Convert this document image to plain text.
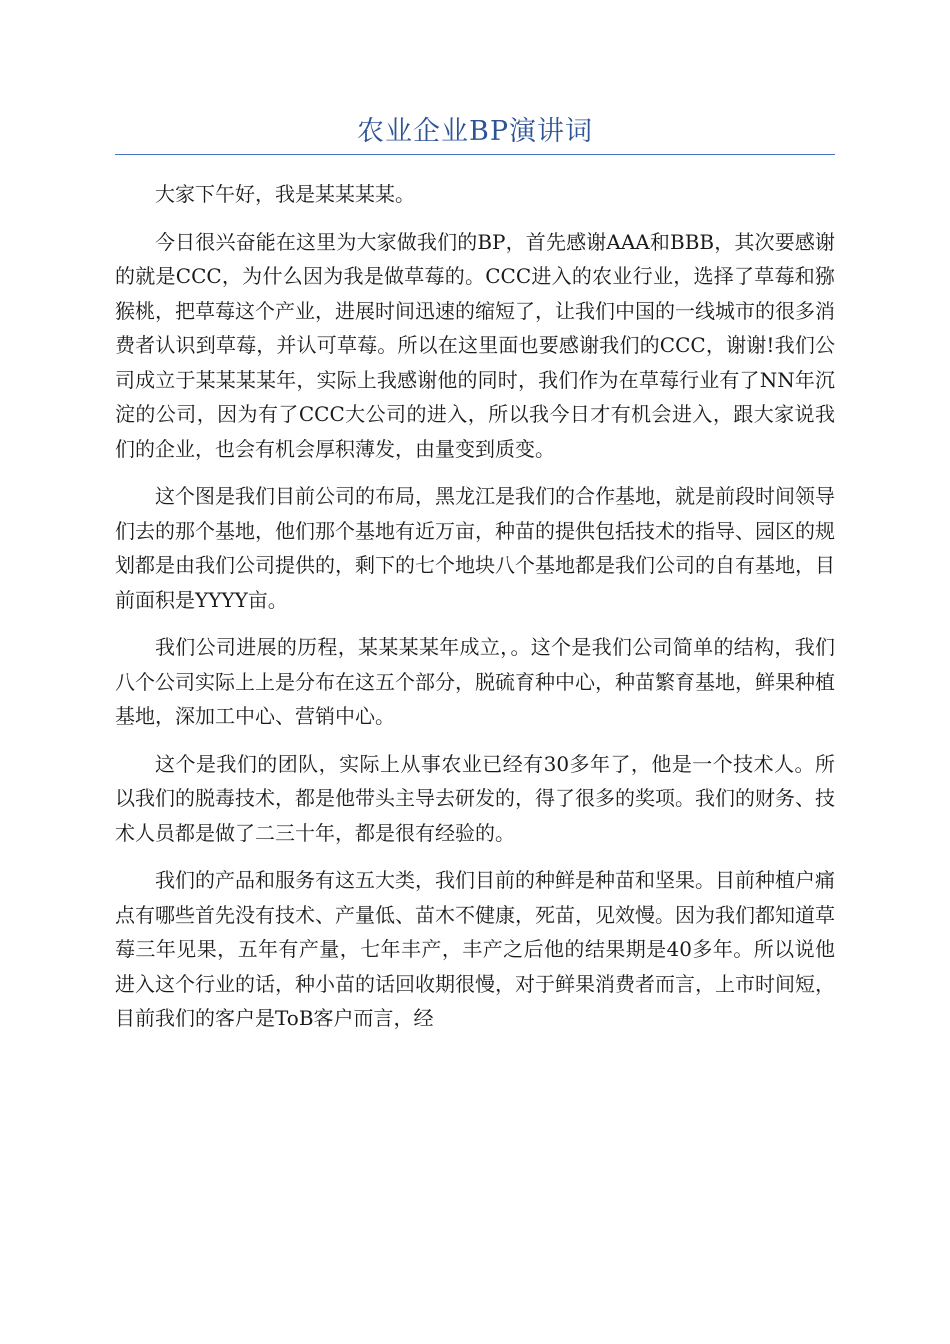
农业企业BP演讲词

大家下午好，我是某某某某。

今日很兴奋能在这里为大家做我们的BP，首先感谢AAA和BBB，其次要感谢的就是CCC，为什么因为我是做草莓的。CCC进入的农业行业，选择了草莓和猕猴桃，把草莓这个产业，进展时间迅速的缩短了，让我们中国的一线城市的很多消费者认识到草莓，并认可草莓。所以在这里面也要感谢我们的CCC，谢谢!我们公司成立于某某某某年，实际上我感谢他的同时，我们作为在草莓行业有了NN年沉淀的公司，因为有了CCC大公司的进入，所以我今日才有机会进入，跟大家说我们的企业，也会有机会厚积薄发，由量变到质变。

这个图是我们目前公司的布局，黑龙江是我们的合作基地，就是前段时间领导们去的那个基地，他们那个基地有近万亩，种苗的提供包括技术的指导、园区的规划都是由我们公司提供的，剩下的七个地块八个基地都是我们公司的自有基地，目前面积是YYYY亩。

我们公司进展的历程，某某某某年成立，。这个是我们公司简单的结构，我们八个公司实际上上是分布在这五个部分，脱硫育种中心，种苗繁育基地，鲜果种植基地，深加工中心、营销中心。

这个是我们的团队，实际上从事农业已经有30多年了，他是一个技术人。所以我们的脱毒技术，都是他带头主导去研发的，得了很多的奖项。我们的财务、技术人员都是做了二三十年，都是很有经验的。

我们的产品和服务有这五大类，我们目前的种鲜是种苗和坚果。目前种植户痛点有哪些首先没有技术、产量低、苗木不健康，死苗，见效慢。因为我们都知道草莓三年见果，五年有产量，七年丰产，丰产之后他的结果期是40多年。所以说他进入这个行业的话，种小苗的话回收期很慢，对于鲜果消费者而言，上市时间短，目前我们的客户是ToB客户而言，经
